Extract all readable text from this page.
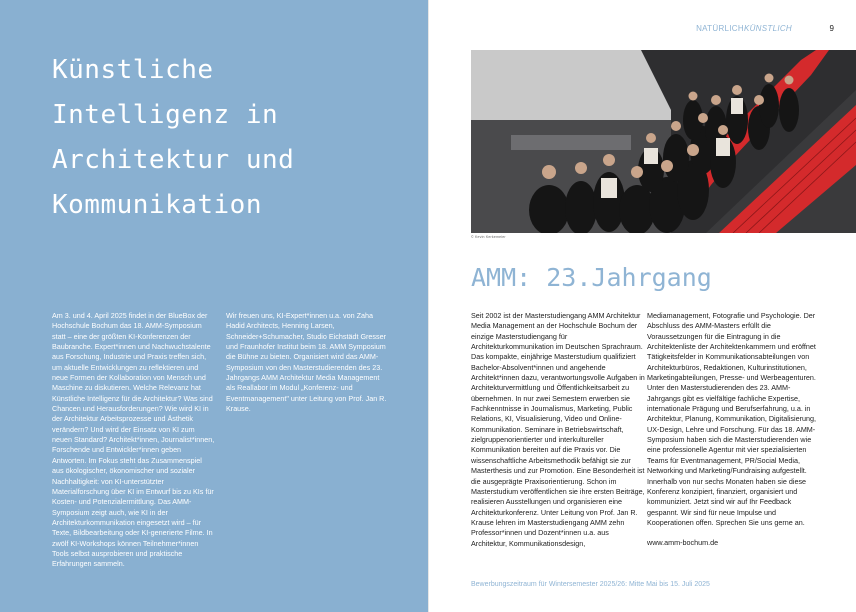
Künstliche
Intelligenz in
Architektur und
Kommunikation

Am 3. und 4. April 2025 findet in der BlueBox der Hochschule Bochum das 18. AMM-Symposium statt – eine der größten KI-Konferenzen der Baubranche. Expert*innen und Nachwuchstalente aus Forschung, Industrie und Praxis treffen sich, um aktuelle Entwicklungen zu reflektieren und neue Formen der Kollaboration von Mensch und Maschine zu diskutieren. Welche Relevanz hat Künstliche Intelligenz für die Architektur? Was sind Chancen und Herausforderungen? Wie wird KI in der Architektur Arbeitsprozesse und Ästhetik verändern? Und wird der Einsatz von KI zum neuen Standard? Architekt*innen, Journalist*innen, Forschende und Entwickler*innen geben Antworten. Im Fokus steht das Zusammenspiel aus ökologischer, ökonomischer und sozialer Nachhaltigkeit: von KI-unterstützter Materialforschung über KI im Entwurf bis zu KIs für Kosten- und Potenzialermittlung. Das AMM-Symposium zeigt auch, wie KI in der Architekturkommunikation eingesetzt wird – für Texte, Bildbearbeitung oder KI-generierte Filme. In zwölf KI-Workshops können Teilnehmer*innen Tools selbst ausprobieren und praktische Erfahrungen sammeln.

Wir freuen uns, KI-Expert*innen u.a. von Zaha Hadid Architects, Henning Larsen, Schneider+Schumacher, Studio Eichstädt Gresser und Fraunhofer Institut beim 18. AMM Symposium die Bühne zu bieten. Organisiert wird das AMM-Symposium von den Masterstudierenden des 23. Jahrgangs AMM Architektur Media Management als Reallabor im Modul „Konferenz- und Eventmanagement" unter Leitung von Prof. Jan R. Krause.

NATÜRLICHKÜNSTLICH	9
© Kevin Kerkemeier
AMM: 23.Jahrgang

Seit 2002 ist der Masterstudiengang AMM Architektur Media Management an der Hochschule Bochum der einzige Masterstudiengang für Architekturkommunikation im Deutschen Sprachraum. Das kompakte, einjährige Masterstudium qualifiziert Bachelor-Absolvent*innen und angehende Architekt*innen dazu, verantwortungsvolle Aufgaben in Architekturvermittlung und Öffentlichkeitsarbeit zu übernehmen. In nur zwei Semestern erwerben sie Fachkenntnisse in Journalismus, Marketing, Public Relations, KI, Visualisierung, Video und Online-Kommunikation. Seminare in Betriebswirtschaft, zielgruppenorientierter und interkultureller Kommunikation bereiten auf die Praxis vor. Die wissenschaftliche Arbeitsmethodik befähigt sie zur Masterthesis und zur Promotion. Eine Besonderheit ist die ausgeprägte Praxisorientierung. Schon im Masterstudium veröffentlichen sie ihre ersten Beiträge, realisieren Ausstellungen und organisieren eine Architekturkonferenz. Unter Leitung von Prof. Jan R. Krause lehren im Masterstudiengang AMM zehn Professor*innen und Dozent*innen u.a. aus Architektur, Kommunikationsdesign,

Mediamanagement, Fotografie und Psychologie. Der Abschluss des AMM-Masters erfüllt die Voraussetzungen für die Eintragung in die Architektenliste der Architektenkammern und eröffnet Tätigkeitsfelder in Kommunikationsabteilungen von Architekturbüros, Redaktionen, Kulturinstitutionen, Marketingabteilungen, Presse- und Werbeagenturen. Unter den Masterstudierenden des 23. AMM-Jahrgangs gibt es vielfältige fachliche Expertise, internationale Prägung und Berufserfahrung, u.a. in Architektur, Planung, Kommunikation, Digitalisierung, UX-Design, Lehre und Forschung. Für das 18. AMM-Symposium haben sich die Masterstudierenden wie eine professionelle Agentur mit vier spezialisierten Teams für Eventmanagement, PR/Social Media, Networking und Marketing/Fundraising aufgestellt. Innerhalb von nur sechs Monaten haben sie diese Konferenz konzipiert, finanziert, organisiert und kommuniziert. Jetzt sind wir auf Ihr Feedback gespannt. Wir sind für neue Impulse und Kooperationen offen. Sprechen Sie uns gerne an.

www.amm-bochum.de

Bewerbungszeitraum für Wintersemester 2025/26: Mitte Mai bis 15. Juli 2025
